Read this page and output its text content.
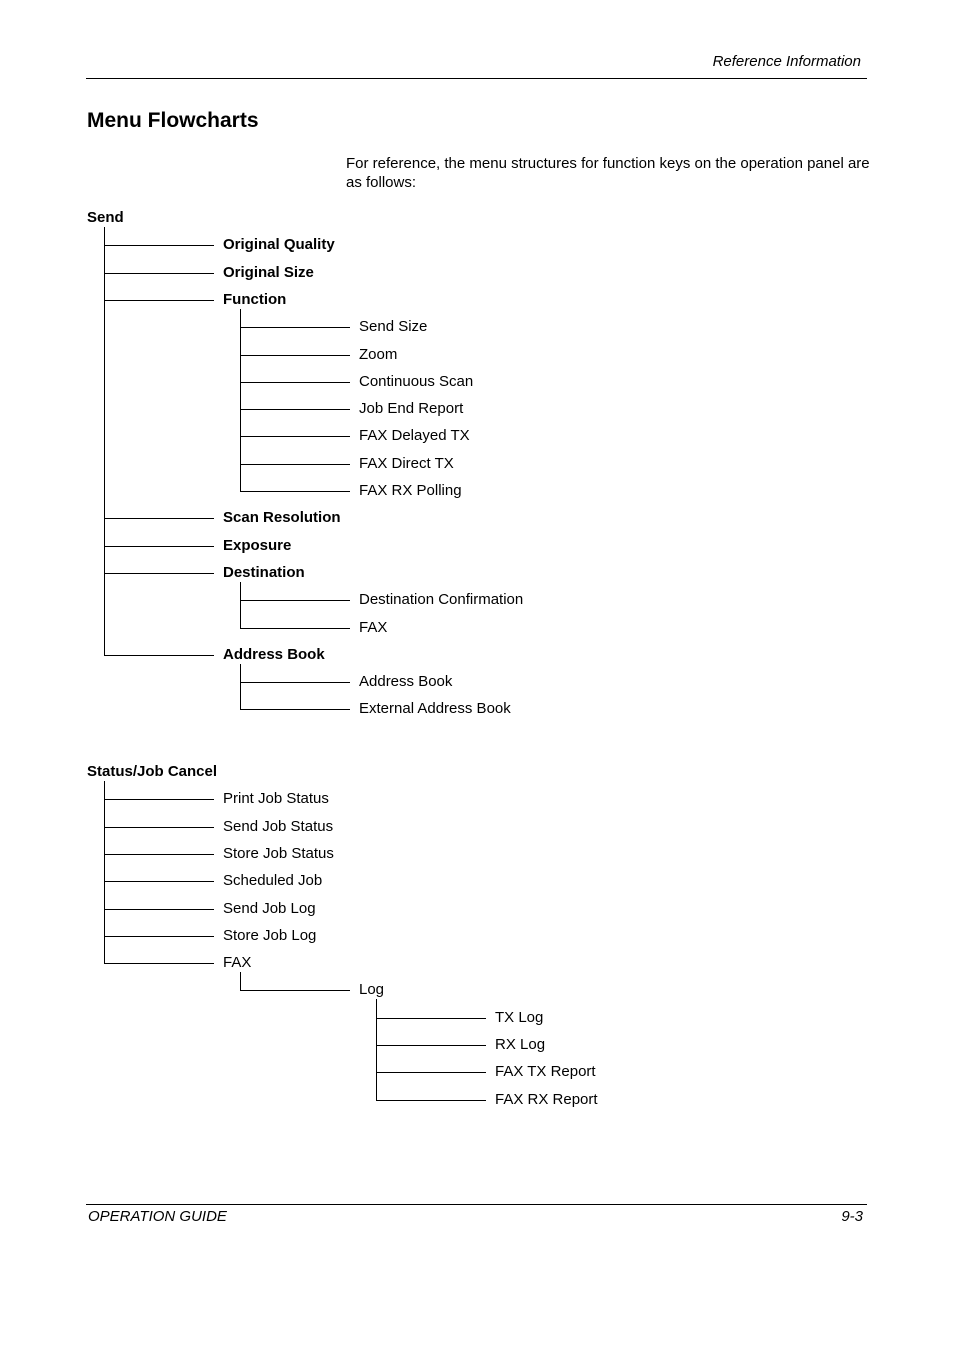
Reference Information
Menu Flowcharts
For reference, the menu structures for function keys on the operation panel are as follows:
Send
Original Quality
Original Size
Function
Send Size
Zoom
Continuous Scan
Job End Report
FAX Delayed TX
FAX Direct TX
FAX RX Polling
Scan Resolution
Exposure
Destination
Destination Confirmation
FAX
Address Book
Address Book
External Address Book
Status/Job Cancel
Print Job Status
Send Job Status
Store Job Status
Scheduled Job
Send Job Log
Store Job Log
FAX
Log
TX Log
RX Log
FAX TX Report
FAX RX Report
OPERATION GUIDE	9-3
